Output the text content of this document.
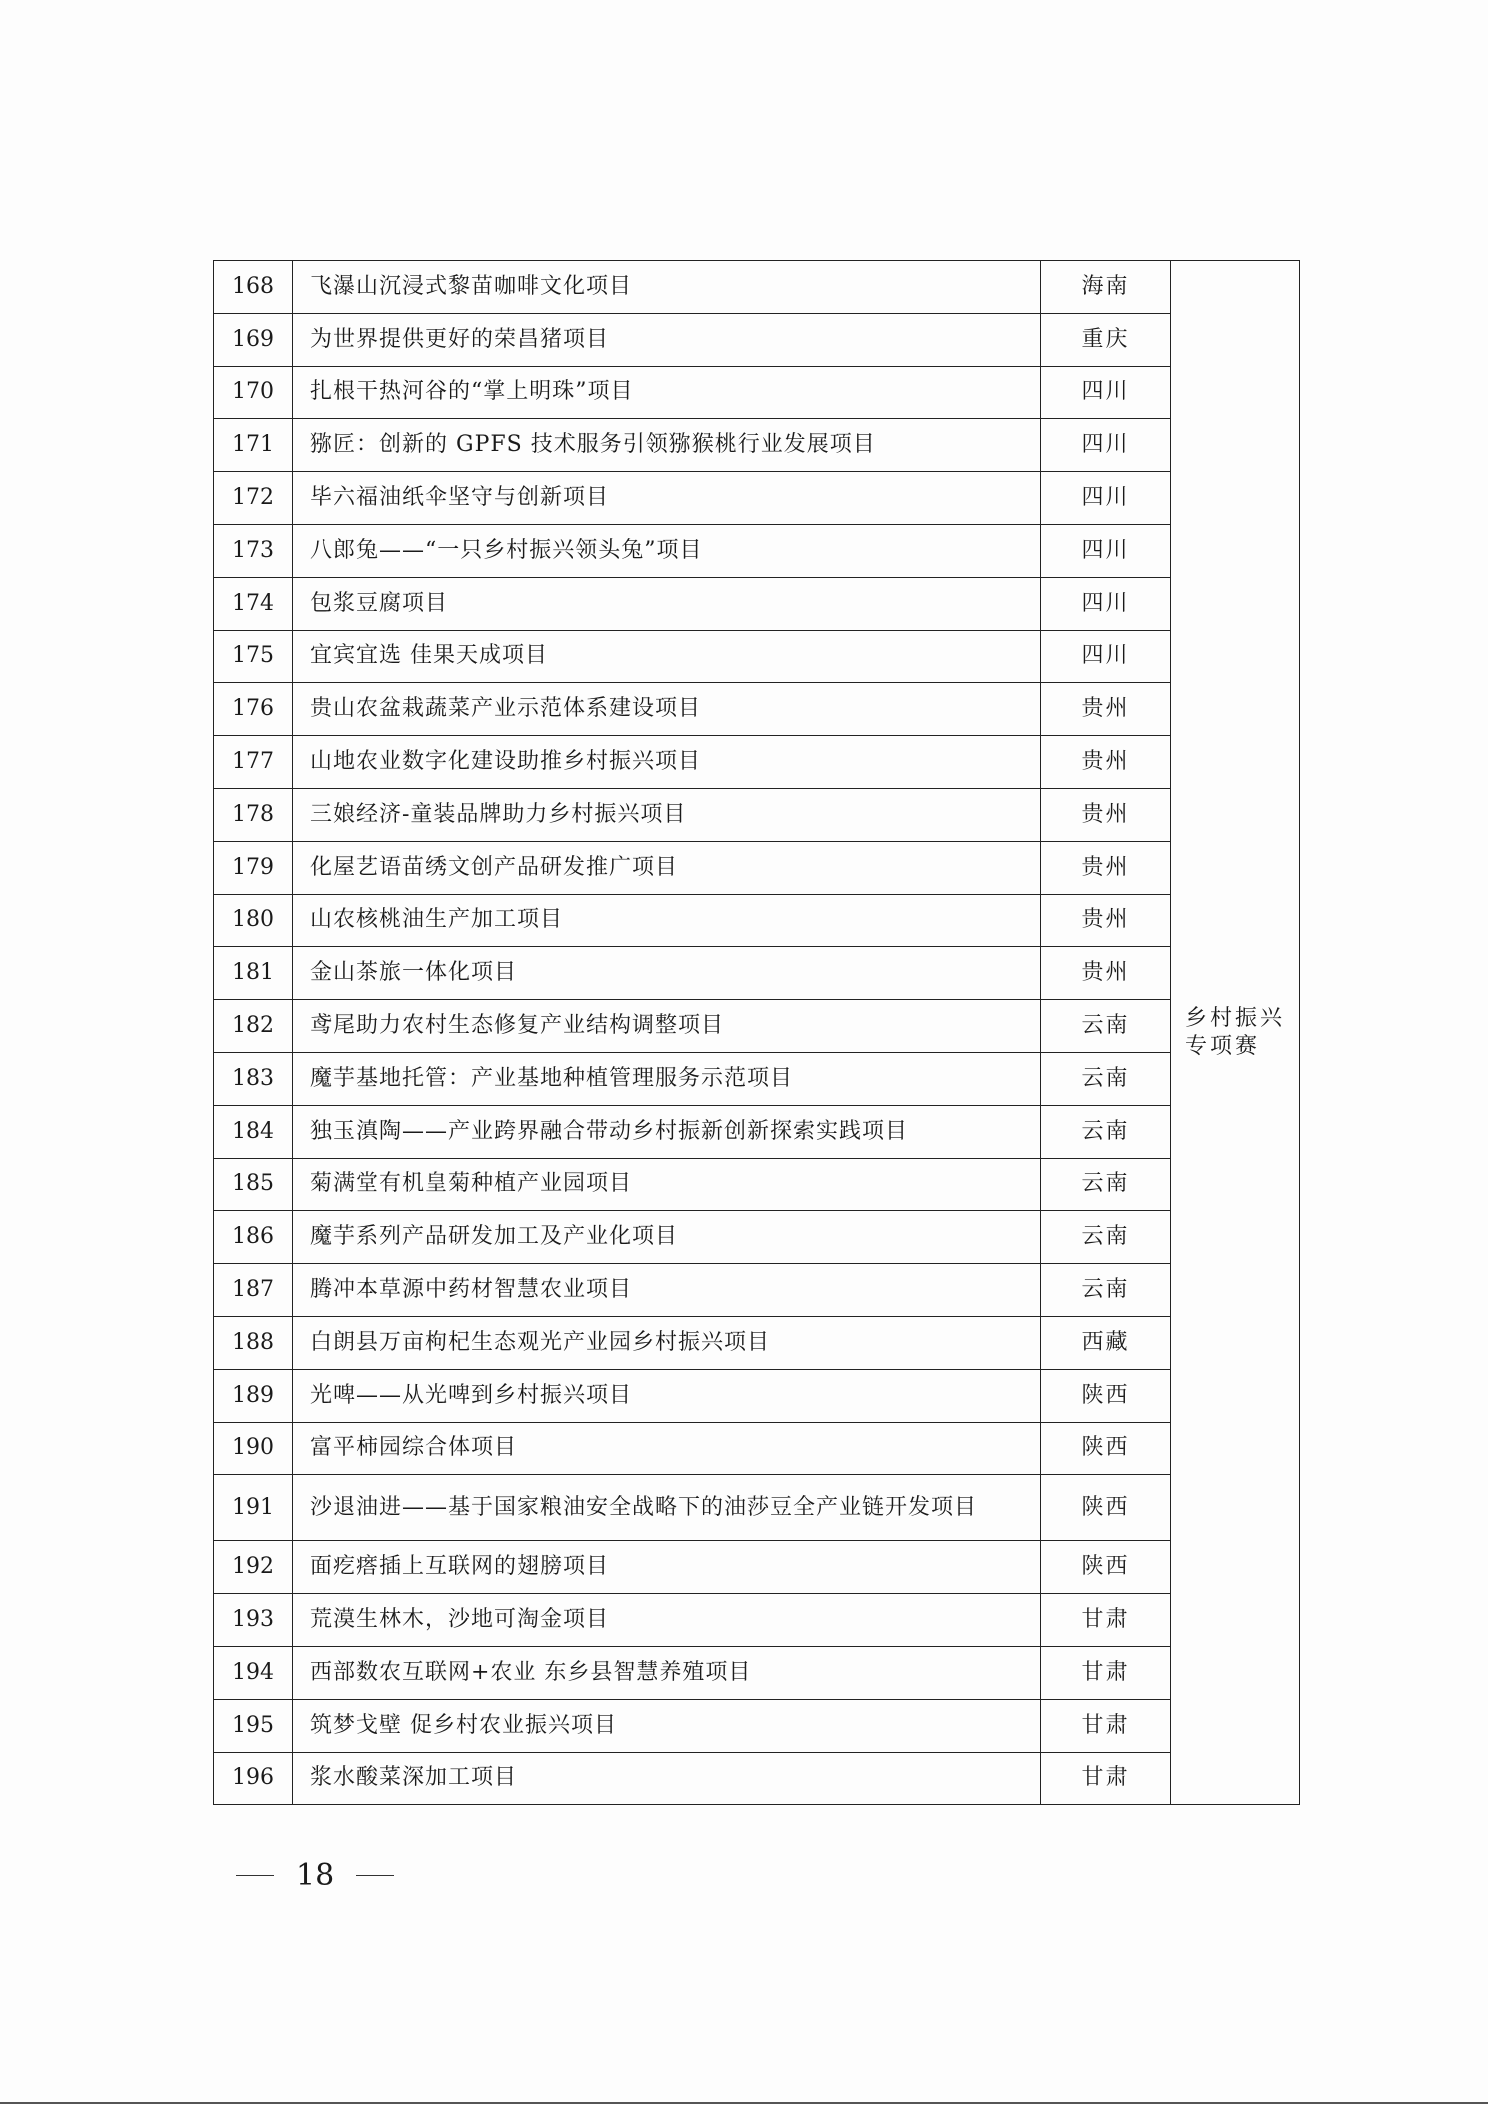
168	飞瀑山沉浸式黎苗咖啡文化项目	海南	乡村振兴专项赛
169	为世界提供更好的荣昌猪项目	重庆	
170	扎根干热河谷的“掌上明珠”项目	四川	
171	猕匠：创新的 GPFS 技术服务引领猕猴桃行业发展项目	四川	
172	毕六福油纸伞坚守与创新项目	四川	
173	八郎兔——“一只乡村振兴领头兔”项目	四川	
174	包浆豆腐项目	四川	
175	宜宾宜选 佳果天成项目	四川	
176	贵山农盆栽蔬菜产业示范体系建设项目	贵州	
177	山地农业数字化建设助推乡村振兴项目	贵州	
178	三娘经济-童装品牌助力乡村振兴项目	贵州	
179	化屋艺语苗绣文创产品研发推广项目	贵州	
180	山农核桃油生产加工项目	贵州	
181	金山茶旅一体化项目	贵州	
182	鸢尾助力农村生态修复产业结构调整项目	云南	
183	魔芋基地托管：产业基地种植管理服务示范项目	云南	
184	独玉滇陶——产业跨界融合带动乡村振新创新探索实践项目	云南	
185	菊满堂有机皇菊种植产业园项目	云南	
186	魔芋系列产品研发加工及产业化项目	云南	
187	腾冲本草源中药材智慧农业项目	云南	
188	白朗县万亩枸杞生态观光产业园乡村振兴项目	西藏	
189	光啤——从光啤到乡村振兴项目	陕西	
190	富平柿园综合体项目	陕西	
191	沙退油进——基于国家粮油安全战略下的油莎豆全产业链开发项目	陕西	
192	面疙瘩插上互联网的翅膀项目	陕西	
193	荒漠生林木，沙地可淘金项目	甘肃	
194	西部数农互联网+农业 东乡县智慧养殖项目	甘肃	
195	筑梦戈壁 促乡村农业振兴项目	甘肃	
196	浆水酸菜深加工项目	甘肃	
18
